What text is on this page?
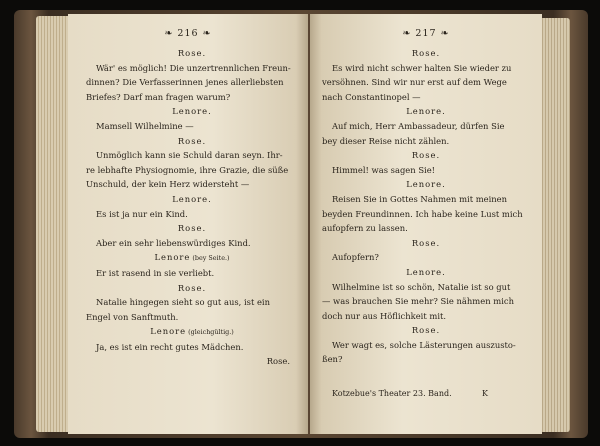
❧ 216 ❧
Rose.
Wär' es möglich! Die unzertrennlichen Freun-
dinnen? Die Verfasserinnen jenes allerliebsten
Briefes? Darf man fragen warum?
Lenore.
Mamsell Wilhelmine —
Rose.
Unmöglich kann sie Schuld daran seyn. Ihr-
re lebhafte Physiognomie, ihre Grazie, die süße
Unschuld, der kein Herz widersteht —
Lenore.
Es ist ja nur ein Kind.
Rose.
Aber ein sehr liebenswürdiges Kind.
Lenore (bey Seite.)
Er ist rasend in sie verliebt.
Rose.
Natalie hingegen sieht so gut aus, ist ein
Engel von Sanftmuth.
Lenore (gleichgültig.)
Ja, es ist ein recht gutes Mädchen.
Rose.
❧ 217 ❧
Rose.
Es wird nicht schwer halten Sie wieder zu
versöhnen. Sind wir nur erst auf dem Wege
nach Constantinopel —
Lenore.
Auf mich, Herr Ambassadeur, dürfen Sie
bey dieser Reise nicht zählen.
Rose.
Himmel! was sagen Sie!
Lenore.
Reisen Sie in Gottes Nahmen mit meinen
beyden Freundinnen. Ich habe keine Lust mich
aufopfern zu lassen.
Rose.
Aufopfern?
Lenore.
Wilhelmine ist so schön, Natalie ist so gut
— was brauchen Sie mehr? Sie nähmen mich
doch nur aus Höflichkeit mit.
Rose.
Wer wagt es, solche Lästerungen auszusto-
ßen?
Kotzebue's Theater 23. Band.	K
